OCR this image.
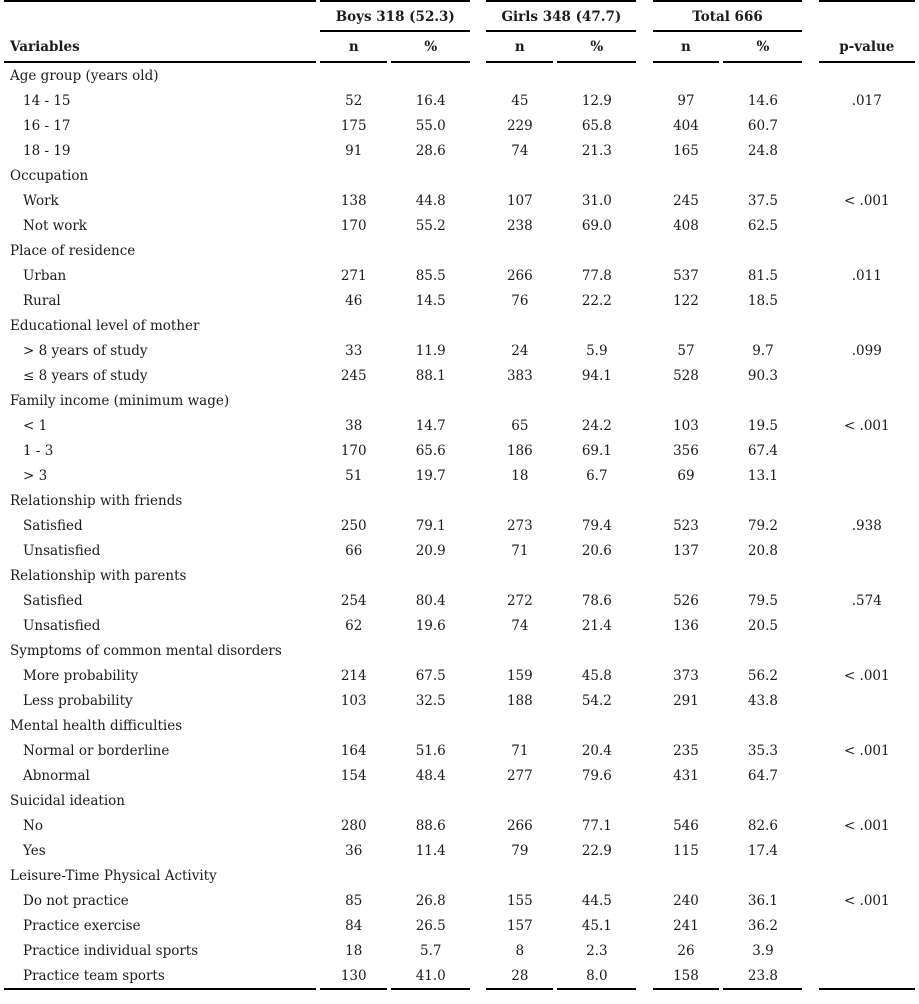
Variables	Boys 318 (52.3)			Girls 348 (47.7)			Total 666			p-value
	n	%		n	%		n	%		
Age group (years old)										
14 - 15	52	16.4		45	12.9		97	14.6		.017
16 - 17	175	55.0		229	65.8		404	60.7		
18 - 19	91	28.6		74	21.3		165	24.8		
Occupation										
Work	138	44.8		107	31.0		245	37.5		< .001
Not work	170	55.2		238	69.0		408	62.5		
Place of residence										
Urban	271	85.5		266	77.8		537	81.5		.011
Rural	46	14.5		76	22.2		122	18.5		
Educational level of mother										
> 8 years of study	33	11.9		24	5.9		57	9.7		.099
≤ 8 years of study	245	88.1		383	94.1		528	90.3		
Family income (minimum wage)										
< 1	38	14.7		65	24.2		103	19.5		< .001
1 - 3	170	65.6		186	69.1		356	67.4		
> 3	51	19.7		18	6.7		69	13.1		
Relationship with friends										
Satisfied	250	79.1		273	79.4		523	79.2		.938
Unsatisfied	66	20.9		71	20.6		137	20.8		
Relationship with parents										
Satisfied	254	80.4		272	78.6		526	79.5		.574
Unsatisfied	62	19.6		74	21.4		136	20.5		
Symptoms of common mental disorders										
More probability	214	67.5		159	45.8		373	56.2		< .001
Less probability	103	32.5		188	54.2		291	43.8		
Mental health difficulties										
Normal or borderline	164	51.6		71	20.4		235	35.3		< .001
Abnormal	154	48.4		277	79.6		431	64.7		
Suicidal ideation										
No	280	88.6		266	77.1		546	82.6		< .001
Yes	36	11.4		79	22.9		115	17.4		
Leisure-Time Physical Activity										
Do not practice	85	26.8		155	44.5		240	36.1		< .001
Practice exercise	84	26.5		157	45.1		241	36.2		
Practice individual sports	18	5.7		8	2.3		26	3.9		
Practice team sports	130	41.0		28	8.0		158	23.8		
